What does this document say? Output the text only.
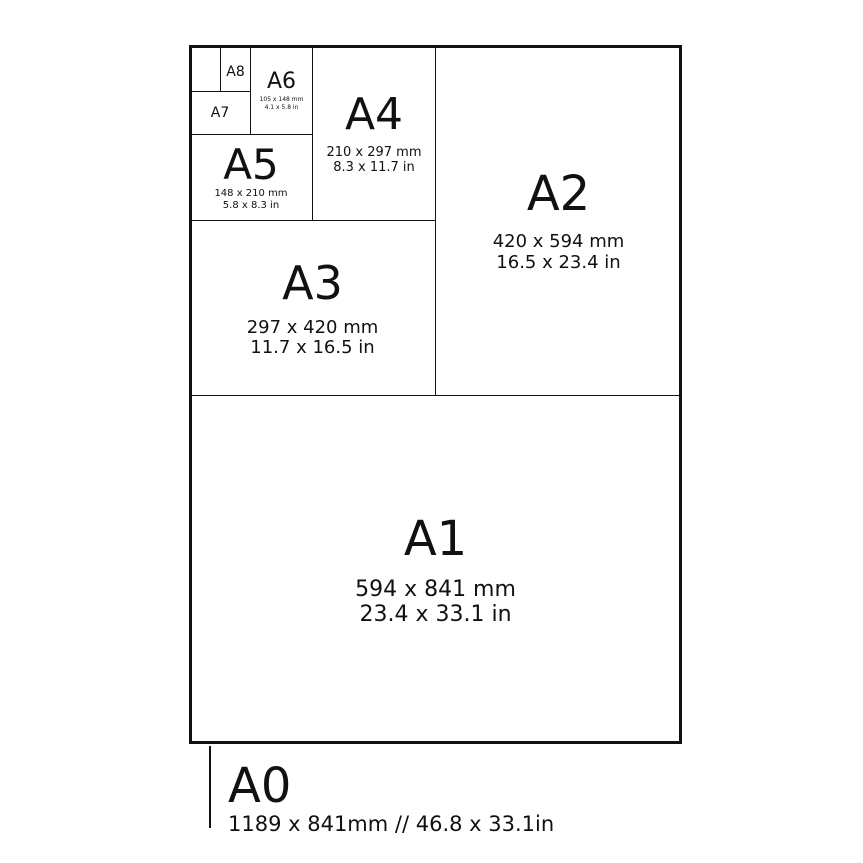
A1
594 x 841 mm
23.4 x 33.1 in
A2
420 x 594 mm
16.5 x 23.4 in
A3
297 x 420 mm
11.7 x 16.5 in
A4
210 x 297 mm
8.3 x 11.7 in
A5
148 x 210 mm
5.8 x 8.3 in
A6
105 x 148 mm
4.1 x 5.8 in
A7
A8
A0
1189 x 841mm // 46.8 x 33.1in
